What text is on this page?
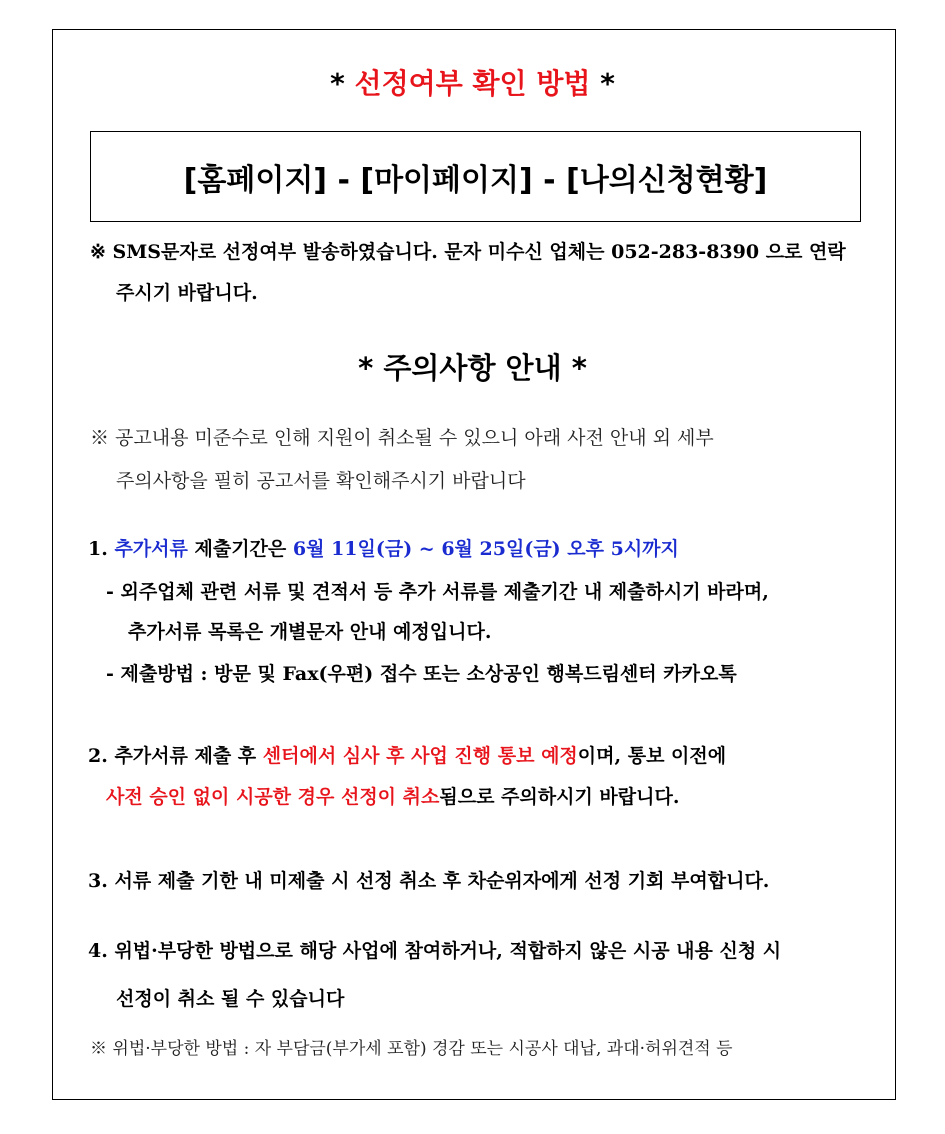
* 선정여부 확인 방법 *
[홈페이지] - [마이페이지] - [나의신청현황]
※ SMS문자로 선정여부 발송하였습니다. 문자 미수신 업체는 052-283-8390 으로 연락
주시기 바랍니다.
* 주의사항 안내 *
※ 공고내용 미준수로 인해 지원이 취소될 수 있으니 아래 사전 안내 외 세부
주의사항을 필히 공고서를 확인해주시기 바랍니다
1. 추가서류 제출기간은 6월 11일(금) ~ 6월 25일(금) 오후 5시까지
- 외주업체 관련 서류 및 견적서 등 추가 서류를 제출기간 내 제출하시기 바라며,
추가서류 목록은 개별문자 안내 예정입니다.
- 제출방법 : 방문 및 Fax(우편) 접수 또는 소상공인 행복드림센터 카카오톡
2. 추가서류 제출 후 센터에서 심사 후 사업 진행 통보 예정이며, 통보 이전에
사전 승인 없이 시공한 경우 선정이 취소됨으로 주의하시기 바랍니다.
3. 서류 제출 기한 내 미제출 시 선정 취소 후 차순위자에게 선정 기회 부여합니다.
4. 위법·부당한 방법으로 해당 사업에 참여하거나, 적합하지 않은 시공 내용 신청 시
선정이 취소 될 수 있습니다
※ 위법·부당한 방법 : 자 부담금(부가세 포함) 경감 또는 시공사 대납, 과대·허위견적 등
